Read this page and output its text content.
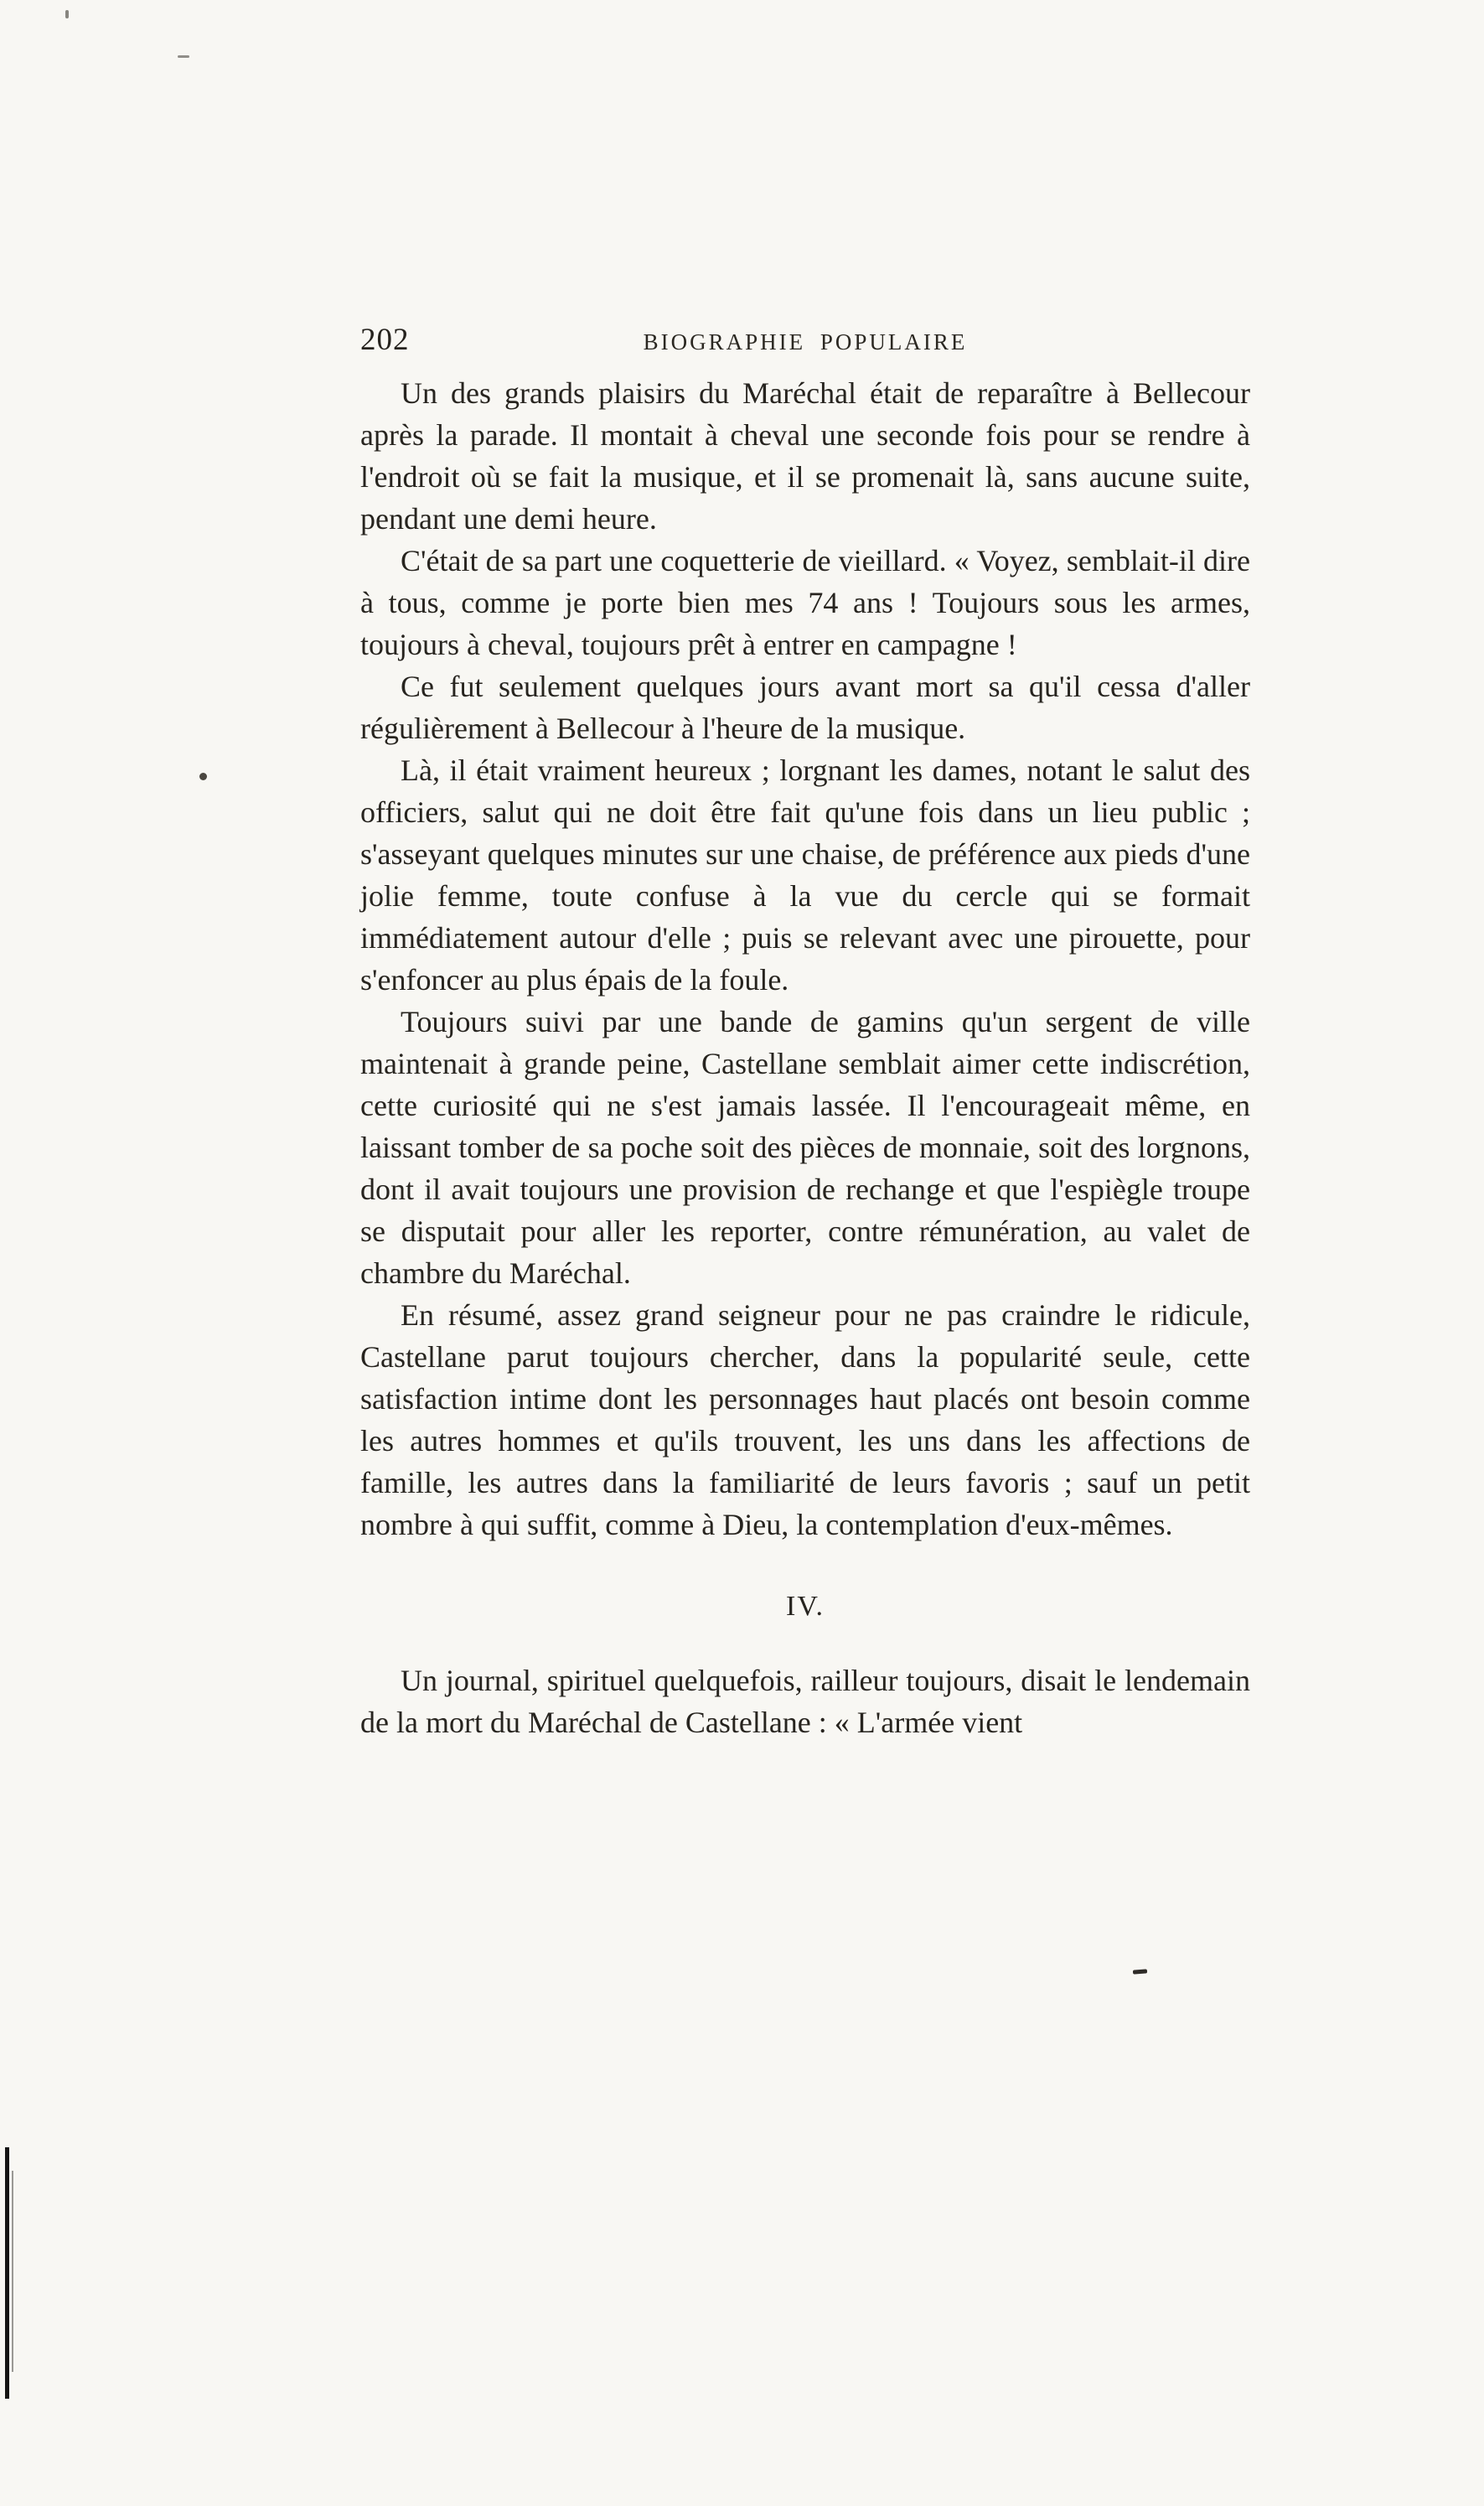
202	BIOGRAPHIE POPULAIRE

Un des grands plaisirs du Maréchal était de reparaître à Bellecour après la parade. Il montait à cheval une seconde fois pour se rendre à l'endroit où se fait la musique, et il se promenait là, sans aucune suite, pendant une demi heure.

C'était de sa part une coquetterie de vieillard. « Voyez, semblait-il dire à tous, comme je porte bien mes 74 ans ! Toujours sous les armes, toujours à cheval, toujours prêt à entrer en campagne !

Ce fut seulement quelques jours avant mort sa qu'il cessa d'aller régulièrement à Bellecour à l'heure de la musique.

Là, il était vraiment heureux ; lorgnant les dames, notant le salut des officiers, salut qui ne doit être fait qu'une fois dans un lieu public ; s'asseyant quelques minutes sur une chaise, de préférence aux pieds d'une jolie femme, toute confuse à la vue du cercle qui se formait immédiatement autour d'elle ; puis se relevant avec une pirouette, pour s'enfoncer au plus épais de la foule.

Toujours suivi par une bande de gamins qu'un sergent de ville maintenait à grande peine, Castellane semblait aimer cette indiscrétion, cette curiosité qui ne s'est jamais lassée. Il l'encourageait même, en laissant tomber de sa poche soit des pièces de monnaie, soit des lorgnons, dont il avait toujours une provision de rechange et que l'espiègle troupe se disputait pour aller les reporter, contre rémunération, au valet de chambre du Maréchal.

En résumé, assez grand seigneur pour ne pas craindre le ridicule, Castellane parut toujours chercher, dans la popularité seule, cette satisfaction intime dont les personnages haut placés ont besoin comme les autres hommes et qu'ils trouvent, les uns dans les affections de famille, les autres dans la familiarité de leurs favoris ; sauf un petit nombre à qui suffit, comme à Dieu, la contemplation d'eux-mêmes.

IV.

Un journal, spirituel quelquefois, railleur toujours, disait le lendemain de la mort du Maréchal de Castellane : « L'armée vient
